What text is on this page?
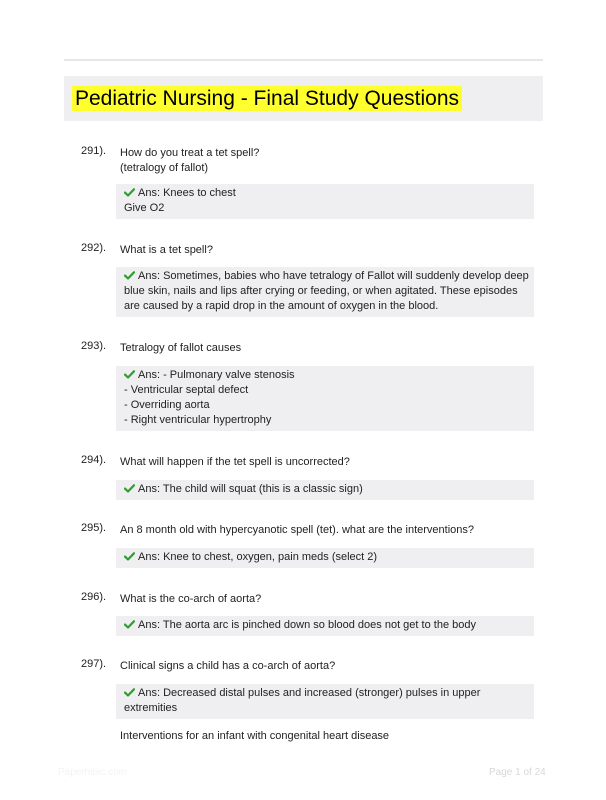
Pediatric Nursing - Final Study Questions
291). How do you treat a tet spell?
(tetralogy of fallot)
Ans: Knees to chest
Give O2
292). What is a tet spell?
Ans: Sometimes, babies who have tetralogy of Fallot will suddenly develop deep blue skin, nails and lips after crying or feeding, or when agitated. These episodes are caused by a rapid drop in the amount of oxygen in the blood.
293). Tetralogy of fallot causes
Ans: - Pulmonary valve stenosis
- Ventricular septal defect
- Overriding aorta
- Right ventricular hypertrophy
294). What will happen if the tet spell is uncorrected?
Ans: The child will squat (this is a classic sign)
295). An 8 month old with hypercyanotic spell (tet). what are the interventions?
Ans: Knee to chest, oxygen, pain meds (select 2)
296). What is the co-arch of aorta?
Ans: The aorta arc is pinched down so blood does not get to the body
297). Clinical signs a child has a co-arch of aorta?
Ans: Decreased distal pulses and increased (stronger) pulses in upper extremities
Interventions for an infant with congenital heart disease
Paperhibic.com	Page 1 of 24
